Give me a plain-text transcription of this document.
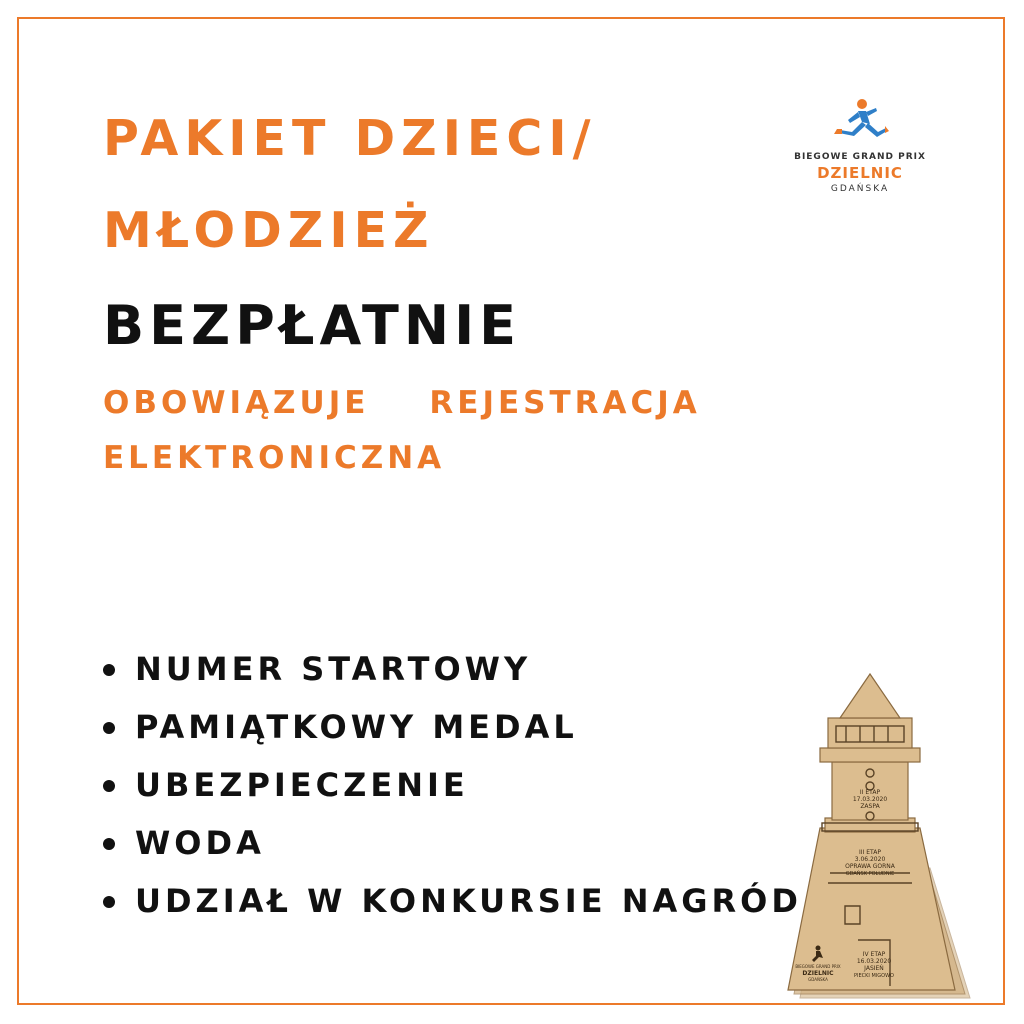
PAKIET DZIECI/
MŁODZIEŻ
BEZPŁATNIE
OBOWIĄZUJE REJESTRACJA
ELEKTRONICZNA
NUMER STARTOWY
PAMIĄTKOWY MEDAL
UBEZPIECZENIE
WODA
UDZIAŁ W KONKURSIE NAGRÓD
BIEGOWE GRAND PRIX
DZIELNIC
GDAŃSKA
II ETAP
17.03.2020
ZASPA
III ETAP
3.06.2020
OPRAWA GORNA
GDAŃSK POŁUDNIE
IV ETAP
16.03.2020
JASIEŃ
PIECKI MIGOWO
BIEGOWE GRAND PRIX
DZIELNIC
GDAŃSKA
